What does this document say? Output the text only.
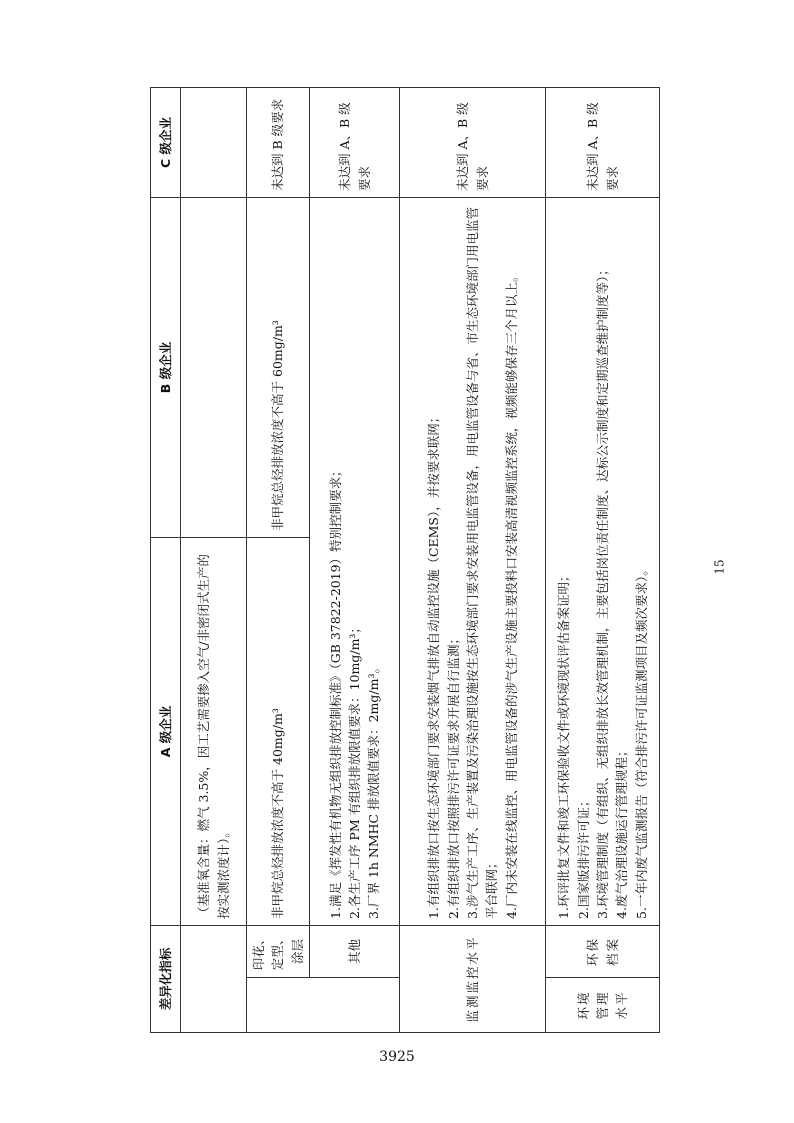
差异化指标		A 级企业	B 级企业	C 级企业
		（基准氧含量：燃气 3.5%，因工艺需要掺入空气/非密闭式生产的按实测浓度计）。		
	印花、定型、涂层	非甲烷总烃排放浓度不高于 40mg/m³	非甲烷总烃排放浓度不高于 60mg/m³	未达到 B 级要求
	其他	1.满足《挥发性有机物无组织排放控制标准》（GB 37822-2019）特别控制要求； 2.各生产工序 PM 有组织排放限值要求：10mg/m³； 3.厂界 1h NMHC 排放限值要求：2mg/m³。		未达到 A、B 级要求
监测监控水平		1.有组织排放口按生态环境部门要求安装烟气排放自动监控设施（CEMS），并按要求联网； 2.有组织排放口按照排污许可证要求开展自行监测； 3.涉气生产工序、生产装置及污染治理设施按生态环境部门要求安装用电监管设备，用电监管设备与省、市生态环境部门用电监管平台联网； 4.厂内未安装在线监控、用电监管设备的涉气生产设施主要投料口安装高清视频监控系统，视频能够保存三个月以上。		未达到 A、B 级要求
环境管理水平	环保档案	1.环评批复文件和竣工环保验收文件或环境现状评估备案证明； 2.国家版排污许可证； 3.环境管理制度（有组织、无组织排放长效管理机制，主要包括岗位责任制度、达标公示制度和定期巡查维护制度等）； 4.废气治理设施运行管理规程； 5.一年内废气监测报告（符合排污许可证监测项目及频次要求）。		未达到 A、B 级要求
15
3925
